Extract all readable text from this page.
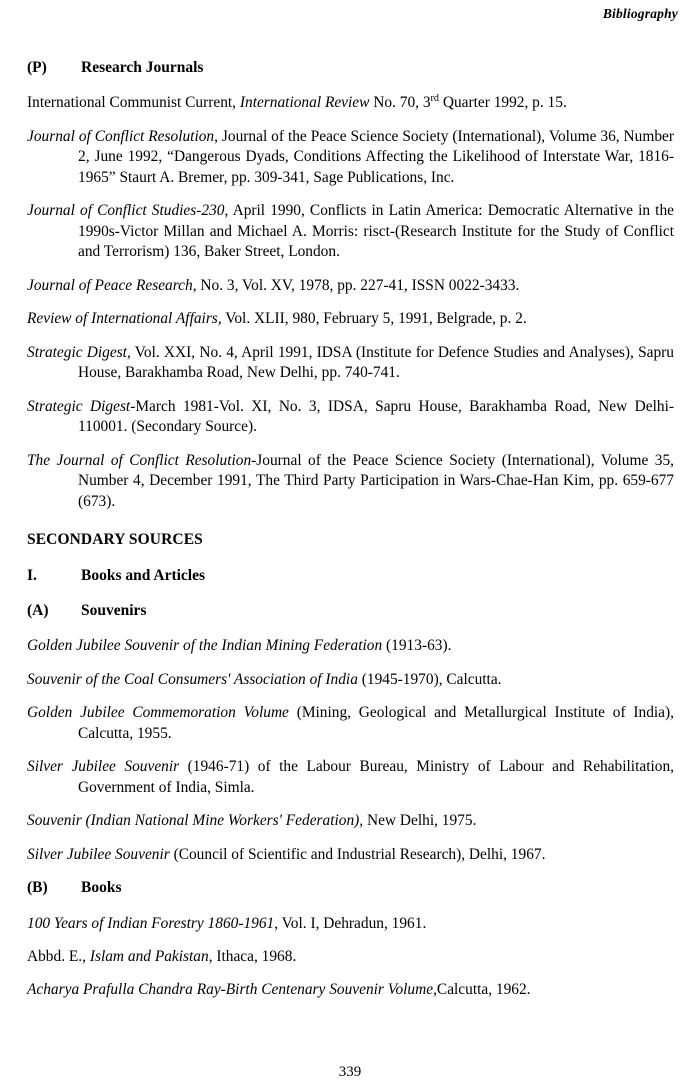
Bibliography
(P)	Research Journals
International Communist Current, International Review No. 70, 3rd Quarter 1992, p. 15.
Journal of Conflict Resolution, Journal of the Peace Science Society (International), Volume 36, Number 2, June 1992, “Dangerous Dyads, Conditions Affecting the Likelihood of Interstate War, 1816-1965” Staurt A. Bremer, pp. 309-341, Sage Publications, Inc.
Journal of Conflict Studies-230, April 1990, Conflicts in Latin America: Democratic Alternative in the 1990s-Victor Millan and Michael A. Morris: risct-(Research Institute for the Study of Conflict and Terrorism) 136, Baker Street, London.
Journal of Peace Research, No. 3, Vol. XV, 1978, pp. 227-41, ISSN 0022-3433.
Review of International Affairs, Vol. XLII, 980, February 5, 1991, Belgrade, p. 2.
Strategic Digest, Vol. XXI, No. 4, April 1991, IDSA (Institute for Defence Studies and Analyses), Sapru House, Barakhamba Road, New Delhi, pp. 740-741.
Strategic Digest-March 1981-Vol. XI, No. 3, IDSA, Sapru House, Barakhamba Road, New Delhi-110001. (Secondary Source).
The Journal of Conflict Resolution-Journal of the Peace Science Society (International), Volume 35, Number 4, December 1991, The Third Party Participation in Wars-Chae-Han Kim, pp. 659-677 (673).
SECONDARY SOURCES
I.	Books and Articles
(A)	Souvenirs
Golden Jubilee Souvenir of the Indian Mining Federation (1913-63).
Souvenir of the Coal Consumers' Association of India (1945-1970), Calcutta.
Golden Jubilee Commemoration Volume (Mining, Geological and Metallurgical Institute of India), Calcutta, 1955.
Silver Jubilee Souvenir (1946-71) of the Labour Bureau, Ministry of Labour and Rehabilitation, Government of India, Simla.
Souvenir (Indian National Mine Workers' Federation), New Delhi, 1975.
Silver Jubilee Souvenir (Council of Scientific and Industrial Research), Delhi, 1967.
(B)	Books
100 Years of Indian Forestry 1860-1961, Vol. I, Dehradun, 1961.
Abbd. E., Islam and Pakistan, Ithaca, 1968.
Acharya Prafulla Chandra Ray-Birth Centenary Souvenir Volume,Calcutta, 1962.
339
